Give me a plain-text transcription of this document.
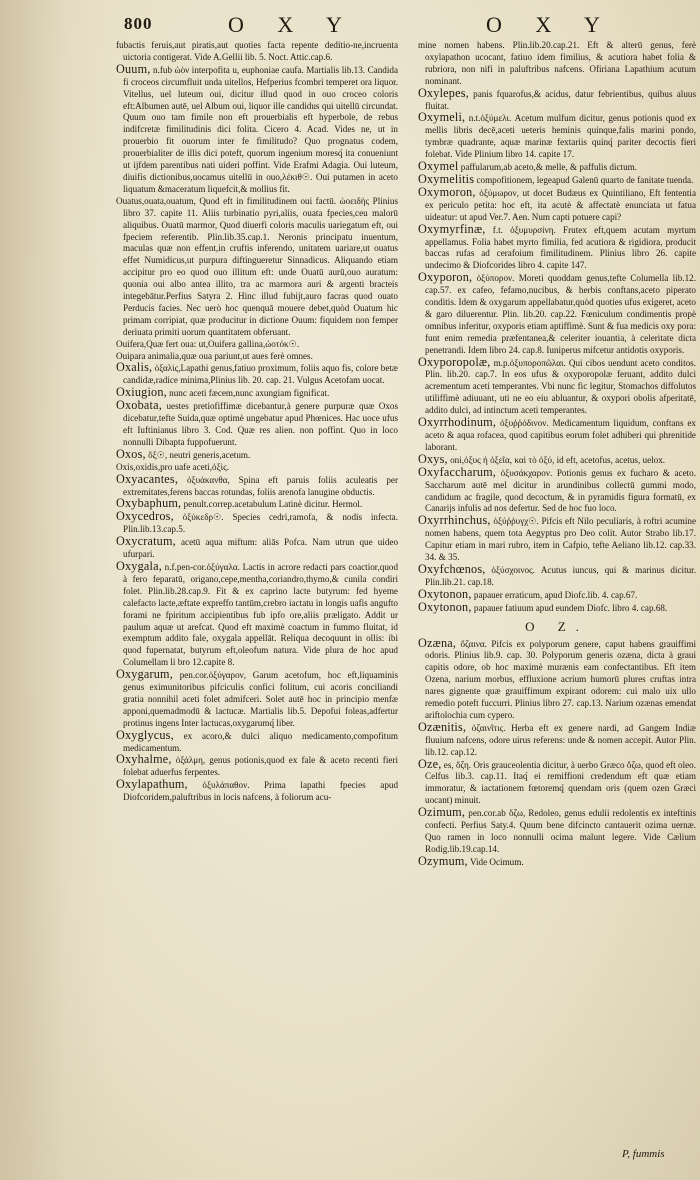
800	O X Y	O X Y

fubactis feruis,aut piratis,aut quoties facta repente deditio-ne,incruenta uictoria contigerat. Vide A.Gellii lib. 5. Noct. Attic.cap.6.

Ouum, n.fub ὠὸν interpofita u, euphoniae caufa. Martialis lib.13. Candida fi croceos circumfluit unda uitellos, Hefperius fcombri temperet ora liquor. Vitellus, uel luteum oui, dicitur illud quod in ouo croceo coloris eft:Albumen autē, uel Album oui, liquor ille candidus qui uitellū circundat. Quum ouo tam fimile non eft prouerbialis eft hyperbole, de rebus indifcretæ fimilitudinis dici folita. Cicero 4. Acad. Vides ne, ut in prouerbio fit ouorum inter fe fimilitudo? Quo prognatus codem, prouerbialiter de illis dici poteft, quorum ingenium moresq́ ita conueniunt ut ijfdem parentibus nati uideri poffint. Vide Erafmi Adagia. Oui luteum, diuifis dictionibus,uocamus uitellū in ouo,λέκιθ☉. Oui putamen in aceto liquatum &maceratum liquefcit,& mollius fit.

Ouatus,ouata,ouatum, Quod eft in fimilitudinem oui factū. ὠοειδὴς Plinius libro 37. capite 11. Aliis turbinatio pyri,aliis, ouata fpecies,ceu malorū aliquibus. Ouatū marmor, Quod diuerfi coloris maculis uariegatum eft, oui fpeciem referentib. Plin.lib.35.cap.1. Neronis principatu inuentum, maculas quæ non effent,in cruftis inferendo, unitatem uariare,ut ouatus effet Numidicus,ut purpura diftingueretur Sinnadicus. Aliquando etiam accipitur pro eo quod ouo illitum eft: unde Ouatū aurū,ouo auratum: quonia oui albo antea illito, tra ac marmora auri & argenti bracteis integebātur.Perfius Satyra 2. Hinc illud fubijt,auro facras quod ouato Perducis facies. Nec uerò hoc quenquā mouere debet,quòd Ouatum hic primam corripiat, quæ producitur in dictione Ouum: fiquidem non femper deriuata primiti uorum quantitatem obferuant.

Ouifera,Quæ fert oua: ut,Ouifera gallina,ὠοτόκ☉.

Ouipara animalia,quæ oua pariunt,ut aues ferè omnes.

Oxalis, ὀξαλὶς,Lapathi genus,fatiuo proximum, foliis aquo fis, colore betæ candidæ,radice minima,Plinius lib. 20. cap. 21. Vulgus Acetofam uocat.

Oxiugion, nunc aceti fæcem,nunc axungiam fignificat.

Oxobata, uestes pretiofiffimæ dicebantur,à genere purpuræ quæ Oxos dicebatur,tefte Suida,quæ optimè ungebatur apud Phœnices. Hac uoce ufus eft Iuftinianus libro 3. Cod. Quæ res alien. non poffint. Quo in loco nonnulli Dibapta fuppofuerunt.

Oxos, ὄξ☉, neutri generis,acetum.

Oxis,oxidis,pro uafe aceti,ὀξὶς.

Oxyacantes, ὀξυάκανθα, Spina eft paruis foliis aculeatis per extremitates,ferens baccas rotundas, foliis arenofa lanugine obductis.

Oxybaphum, penult.correp.acetabulum Latinè dicitur. Hermol.

Oxycedros, ὀξύκεδρ☉. Species cedri,ramofa, & nodis infecta. Plin.lib.13.cap.5.

Oxycratum, acetū aqua miftum: aliās Pofca. Nam utrun que uideo ufurpari.

Oxygala, n.f.pen-cor.ὀξύγαλα. Lactis in acrore redacti pars coactior,quod à fero feparatū, origano,cepe,mentha,coriandro,thymo,& cunila condiri folet. Plin.lib.28.cap.9. Fit & ex caprino lacte butyrum: fed hyeme calefacto lacte,æftate expreffo tantūm,crebro iactatu in longis uafis angufto forami ne fpiritum accipientibus fub ipfo ore,aliis præligato. Addit ur paulum aquæ ut arefcat. Quod eft maximè coactum in fummo fluitat, id exemptum addito fale, oxygala appellāt. Reliqua decoquunt in ollis: ibi quod fupernatat, butyrum eft,oleofum natura. Vide plura de hoc apud Columellam li bro 12.capite 8.

Oxygarum, pen.cor.ὀξύγαρον, Garum acetofum, hoc eft,liquaminis genus eximunitoribus pifciculis confici folitum, cui acoris conciliandi gratia nonnihil aceti folet admifceri. Solet autē hoc in principio menfæ apponi,quemadmodū & lactucæ. Martialis lib.5. Depofui foleas,adfertur protinus ingens Inter lactucas,oxygarumq́ liber.

Oxyglycus, ex acoro,& dulci aliquo medicamento,compofitum medicamentum.

Oxyhalme, ὀξάλμη, genus potionis,quod ex fale & aceto recenti fieri folebat aduerfus ferpentes.

Oxylapathum, ὀξυλάπαθον. Prima lapathi fpecies apud Diofcoridem,paluftribus in locis nafcens, à foliorum acu-

mine nomen habens. Plin.lib.20.cap.21. Eft & alterū genus, ferè oxylapathon ucocant, fatiuo idem fimilius, & acutiora habet folia & rubriora, non nifi in paluftribus nafcens. Ofiriana Lapathium acutum nominant.

Oxylepes, panis fquarofus,& acidus, datur febrientibus, quibus aluus fluitat.

Oxymeli, n.t.ὀξύμελι. Acetum mulfum dicitur, genus potionis quod ex mellis libris decē,aceti ueteris heminis quinque,falis marini pondo, tymbræ quadrante, aquæ marinæ fextariis quinq́ pariter decoctis fieri folebat. Vide Plinium libro 14. capite 17.

Oxymel paffularum,ab aceto,& melle, & paffulis dictum.

Oxymelitis compofitionem, legeapud Galenū quarto de fanitate tuenda.

Oxymoron, ὀξύμωρον, ut docet Budæus ex Quintiliano, Eft fententia ex periculo petita: hoc eft, ita acutè & affectatè enunciata ut fatua uideatur: ut apud Ver.7. Aen. Num capti potuere capi?

Oxymyrfinæ, f.t. ὀξυμυρσίνη. Frutex eft,quem acutam myrtum appellamus. Folia habet myrto fimilia, fed acutiora & rigidiora, producit baccas rufas ad cerafoium fimilitudinem. Plinius libro 26. capite undecimo & Diofcorides libro 4. capite 147.

Oxyporon, ὀξύπορον. Moreti quoddam genus,tefte Columella lib.12. cap.57. ex cafeo, fefamo,nucibus, & herbis conftans,aceto piperato conditis. Idem & oxygarum appellabatur,quòd quoties ufus exigeret, aceto & garo diluerentur. Plin. lib.20. cap.22. Fœniculum condimentis propè omnibus inferitur, oxyporis etiam aptiffimè. Sunt & fua medicis oxy pora: funt enim remedia præfentanea,& celeriter iouantia, à celeritate dicta penetrandi. Idem libro 24. cap.8. Iuniperus mifcetur antidotis oxyporis.

Oxyporopolæ, m.p.ὀξυποροπῶλαι. Qui cibos uendunt aceto conditos. Plin. lib.20. cap.7. In eos ufus & oxyporopolæ feruant, addito dulci acrementum aceti temperantes. Vbi nunc fic legitur, Stomachos diffolutos utiliffimè adiuuant, uti ne eo eiu abluantur, & oxypori obolis afperitatē, addito dulci, ad intinctum aceti temperantes.

Oxyrrhodinum, ὀξυῤῥόδινον. Medicamentum liquidum, conftans ex aceto & aqua rofacea, quod capitibus eorum folet adhiberi qui phrenitide laborant.

Oxys, oni,ὀξυς ἡ ὀξεῖα, καὶ τὸ ὀξύ, id eft, acetofus, acetus, uelox.

Oxyfaccharum, ὀξυσάκχαρον. Potionis genus ex fucharo & aceto. Saccharum autē mel dicitur in arundinibus collectū gummi modo, candidum ac fragile, quod decoctum, & in pyramidis figura formatū, ex Canarijs infulis ad nos defertur. Sed de hoc fuo loco.

Oxyrrhinchus, ὀξύῤῥυγχ☉. Pifcis eft Nilo peculiaris, à roftri acumine nomen habens, quem tota Aegyptus pro Deo colit. Autor Strabo lib.17. Capitur etiam in mari rubro, item in Cafpio, tefte Aeliano lib.12. cap.33. 34. & 35.

Oxyfchœnos, ὀξύσχοινος. Acutus iuncus, qui & marinus dicitur. Plin.lib.21. cap.18.

Oxytonon, papauer erraticum, apud Diofc.lib. 4. cap.67.

Oxytonon, papauer fatiuum apud eundem Diofc. libro 4. cap.68.

O Z.

Ozæna, ὄζαινα. Pifcis ex polyporum genere, caput habens grauiffimi odoris. Plinius lib.9. cap. 30. Polyporum generis ozæna, dicta à graui capitis odore, ob hoc maximè murænis eam confectantibus. Eft item Ozena, narium morbus, effluxione acrium humorū plures cruftas intra nares gignente quæ grauiffimum expirant odorem: cui malo uix ullo remedio poteft fuccurri. Plinius libro 27. cap.13. Narium ozænas emendat ariftolochia cum cypero.

Ozænitis, ὀζαινῖτις. Herba eft ex genere nardi, ad Gangem Indiæ fluuium nafcens, odore uirus referens: unde & nomen accepit. Autor Plin. lib.12. cap.12.

Oze, es, ὄζη. Oris grauceolentia dicitur, à uerbo Græco ὄζω, quod eft oleo. Celfus lib.3. cap.11. Itaq́ ei remiffioni credendum eft quæ etiam immoratur, & iactationem fœtoremq́ quendam oris (quem ozen Græci uocant) minuit.

Ozimum, pen.cor.ab ὄζω, Redoleo, genus edulii redolentis ex inteftinis confecti. Perfius Saty.4. Quum bene difcincto cantauerit ozima uernæ. Quo ramen in loco nonnulli ocima malunt legere. Vide Cælium Rodig.lib.19.cap.14.

Ozymum, Vide Ocimum.

P, fummis
